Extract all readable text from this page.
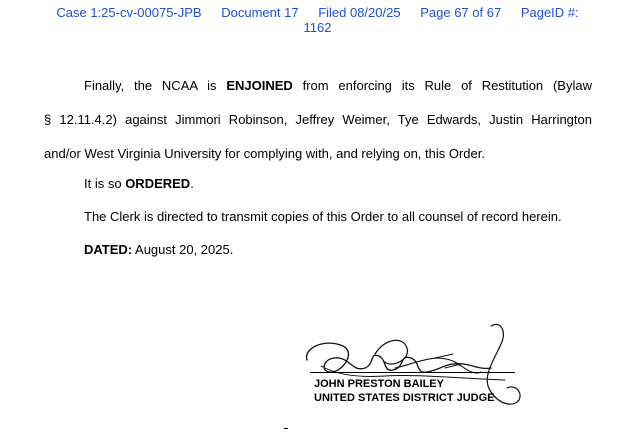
Case 1:25-cv-00075-JPB Document 17 Filed 08/20/25 Page 67 of 67 PageID #:
1162
Finally, the NCAA is ENJOINED from enforcing its Rule of Restitution (Bylaw
§ 12.11.4.2) against Jimmori Robinson, Jeffrey Weimer, Tye Edwards, Justin Harrington
and/or West Virginia University for complying with, and relying on, this Order.
It is so ORDERED.
The Clerk is directed to transmit copies of this Order to all counsel of record herein.
DATED: August 20, 2025.
JOHN PRESTON BAILEY
UNITED STATES DISTRICT JUDGE
